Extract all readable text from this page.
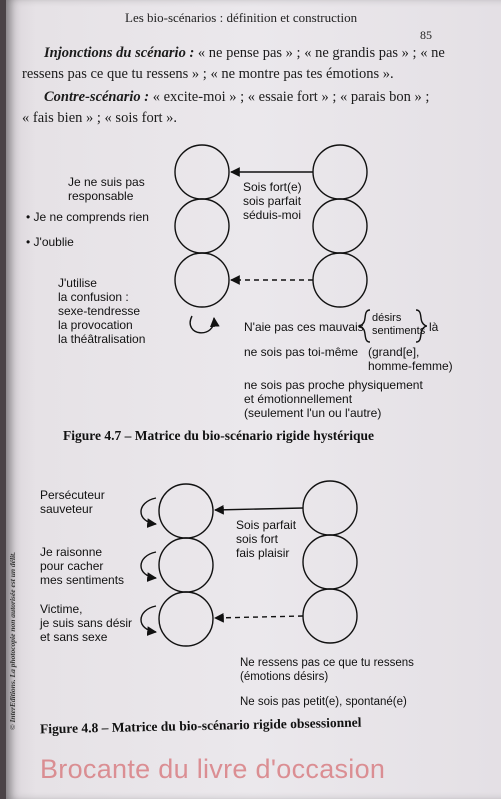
Les bio-scénarios : définition et construction
85
Injonctions du scénario : « ne pense pas » ; « ne grandis pas » ; « ne
ressens pas ce que tu ressens » ; « ne montre pas tes émotions ».
Contre-scénario : « excite-moi » ; « essaie fort » ; « parais bon » ;
« fais bien » ; « sois fort ».
Je ne suis pas
responsable
• Je ne comprends rien
• J'oublie
J'utilise
la confusion :
sexe-tendresse
la provocation
la théâtralisation
Sois fort(e)
sois parfait
séduis-moi
N'aie pas ces mauvais
désirs
sentiments là
ne sois pas toi-même (grand[e],
homme-femme)
ne sois pas proche physiquement
et émotionnellement
(seulement l'un ou l'autre)
Figure 4.7 – Matrice du bio-scénario rigide hystérique
Persécuteur
sauveteur
Je raisonne
pour cacher
mes sentiments
Victime,
je suis sans désir
et sans sexe
Sois parfait
sois fort
fais plaisir
Ne ressens pas ce que tu ressens
(émotions désirs)
Ne sois pas petit(e), spontané(e)
Figure 4.8 – Matrice du bio-scénario rigide obsessionnel
© InterEditions. La photocopie non autorisée est un délit.
Brocante du livre d'occasion
